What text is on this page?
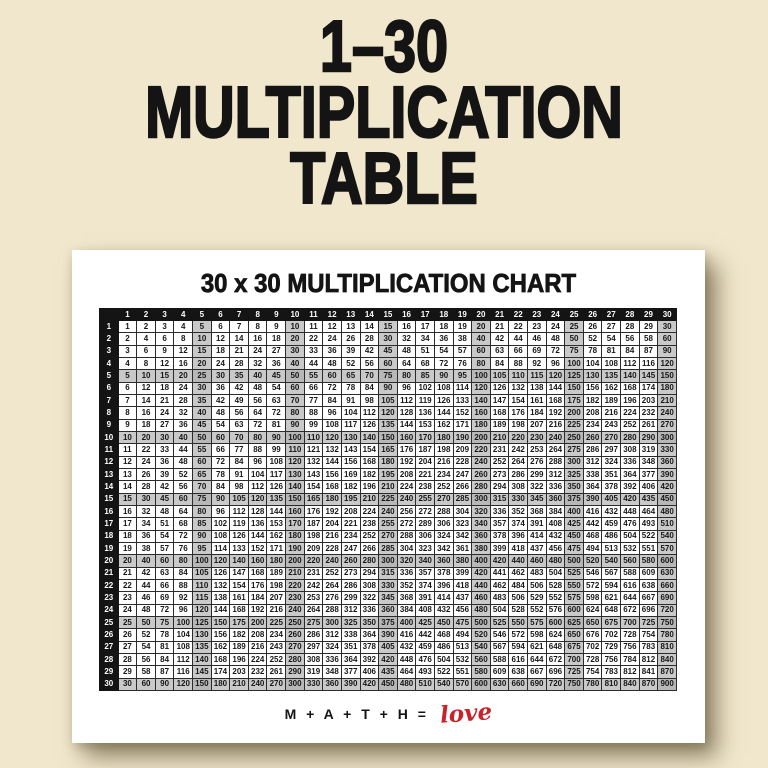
1–30
MULTIPLICATION
TABLE
30 x 30 MULTIPLICATION CHART
	1	2	3	4	5	6	7	8	9	10	11	12	13	14	15	16	17	18	19	20	21	22	23	24	25	26	27	28	29	30
1	1	2	3	4	5	6	7	8	9	10	11	12	13	14	15	16	17	18	19	20	21	22	23	24	25	26	27	28	29	30
2	2	4	6	8	10	12	14	16	18	20	22	24	26	28	30	32	34	36	38	40	42	44	46	48	50	52	54	56	58	60
3	3	6	9	12	15	18	21	24	27	30	33	36	39	42	45	48	51	54	57	60	63	66	69	72	75	78	81	84	87	90
4	4	8	12	16	20	24	28	32	36	40	44	48	52	56	60	64	68	72	76	80	84	88	92	96	100	104	108	112	116	120
5	5	10	15	20	25	30	35	40	45	50	55	60	65	70	75	80	85	90	95	100	105	110	115	120	125	130	135	140	145	150
6	6	12	18	24	30	36	42	48	54	60	66	72	78	84	90	96	102	108	114	120	126	132	138	144	150	156	162	168	174	180
7	7	14	21	28	35	42	49	56	63	70	77	84	91	98	105	112	119	126	133	140	147	154	161	168	175	182	189	196	203	210
8	8	16	24	32	40	48	56	64	72	80	88	96	104	112	120	128	136	144	152	160	168	176	184	192	200	208	216	224	232	240
9	9	18	27	36	45	54	63	72	81	90	99	108	117	126	135	144	153	162	171	180	189	198	207	216	225	234	243	252	261	270
10	10	20	30	40	50	60	70	80	90	100	110	120	130	140	150	160	170	180	190	200	210	220	230	240	250	260	270	280	290	300
11	11	22	33	44	55	66	77	88	99	110	121	132	143	154	165	176	187	198	209	220	231	242	253	264	275	286	297	308	319	330
12	12	24	36	48	60	72	84	96	108	120	132	144	156	168	180	192	204	216	228	240	252	264	276	288	300	312	324	336	348	360
13	13	26	39	52	65	78	91	104	117	130	143	156	169	182	195	208	221	234	247	260	273	286	299	312	325	338	351	364	377	390
14	14	28	42	56	70	84	98	112	126	140	154	168	182	196	210	224	238	252	266	280	294	308	322	336	350	364	378	392	406	420
15	15	30	45	60	75	90	105	120	135	150	165	180	195	210	225	240	255	270	285	300	315	330	345	360	375	390	405	420	435	450
16	16	32	48	64	80	96	112	128	144	160	176	192	208	224	240	256	272	288	304	320	336	352	368	384	400	416	432	448	464	480
17	17	34	51	68	85	102	119	136	153	170	187	204	221	238	255	272	289	306	323	340	357	374	391	408	425	442	459	476	493	510
18	18	36	54	72	90	108	126	144	162	180	198	216	234	252	270	288	306	324	342	360	378	396	414	432	450	468	486	504	522	540
19	19	38	57	76	95	114	133	152	171	190	209	228	247	266	285	304	323	342	361	380	399	418	437	456	475	494	513	532	551	570
20	20	40	60	80	100	120	140	160	180	200	220	240	260	280	300	320	340	360	380	400	420	440	460	480	500	520	540	560	580	600
21	21	42	63	84	105	126	147	168	189	210	231	252	273	294	315	336	357	378	399	420	441	462	483	504	525	546	567	588	609	630
22	22	44	66	88	110	132	154	176	198	220	242	264	286	308	330	352	374	396	418	440	462	484	506	528	550	572	594	616	638	660
23	23	46	69	92	115	138	161	184	207	230	253	276	299	322	345	368	391	414	437	460	483	506	529	552	575	598	621	644	667	690
24	24	48	72	96	120	144	168	192	216	240	264	288	312	336	360	384	408	432	456	480	504	528	552	576	600	624	648	672	696	720
25	25	50	75	100	125	150	175	200	225	250	275	300	325	350	375	400	425	450	475	500	525	550	575	600	625	650	675	700	725	750
26	26	52	78	104	130	156	182	208	234	260	286	312	338	364	390	416	442	468	494	520	546	572	598	624	650	676	702	728	754	780
27	27	54	81	108	135	162	189	216	243	270	297	324	351	378	405	432	459	486	513	540	567	594	621	648	675	702	729	756	783	810
28	28	56	84	112	140	168	196	224	252	280	308	336	364	392	420	448	476	504	532	560	588	616	644	672	700	728	756	784	812	840
29	29	58	87	116	145	174	203	232	261	290	319	348	377	406	435	464	493	522	551	580	609	638	667	696	725	754	783	812	841	870
30	30	60	90	120	150	180	210	240	270	300	330	360	390	420	450	480	510	540	570	600	630	660	690	720	750	780	810	840	870	900
M + A + T + H = love
